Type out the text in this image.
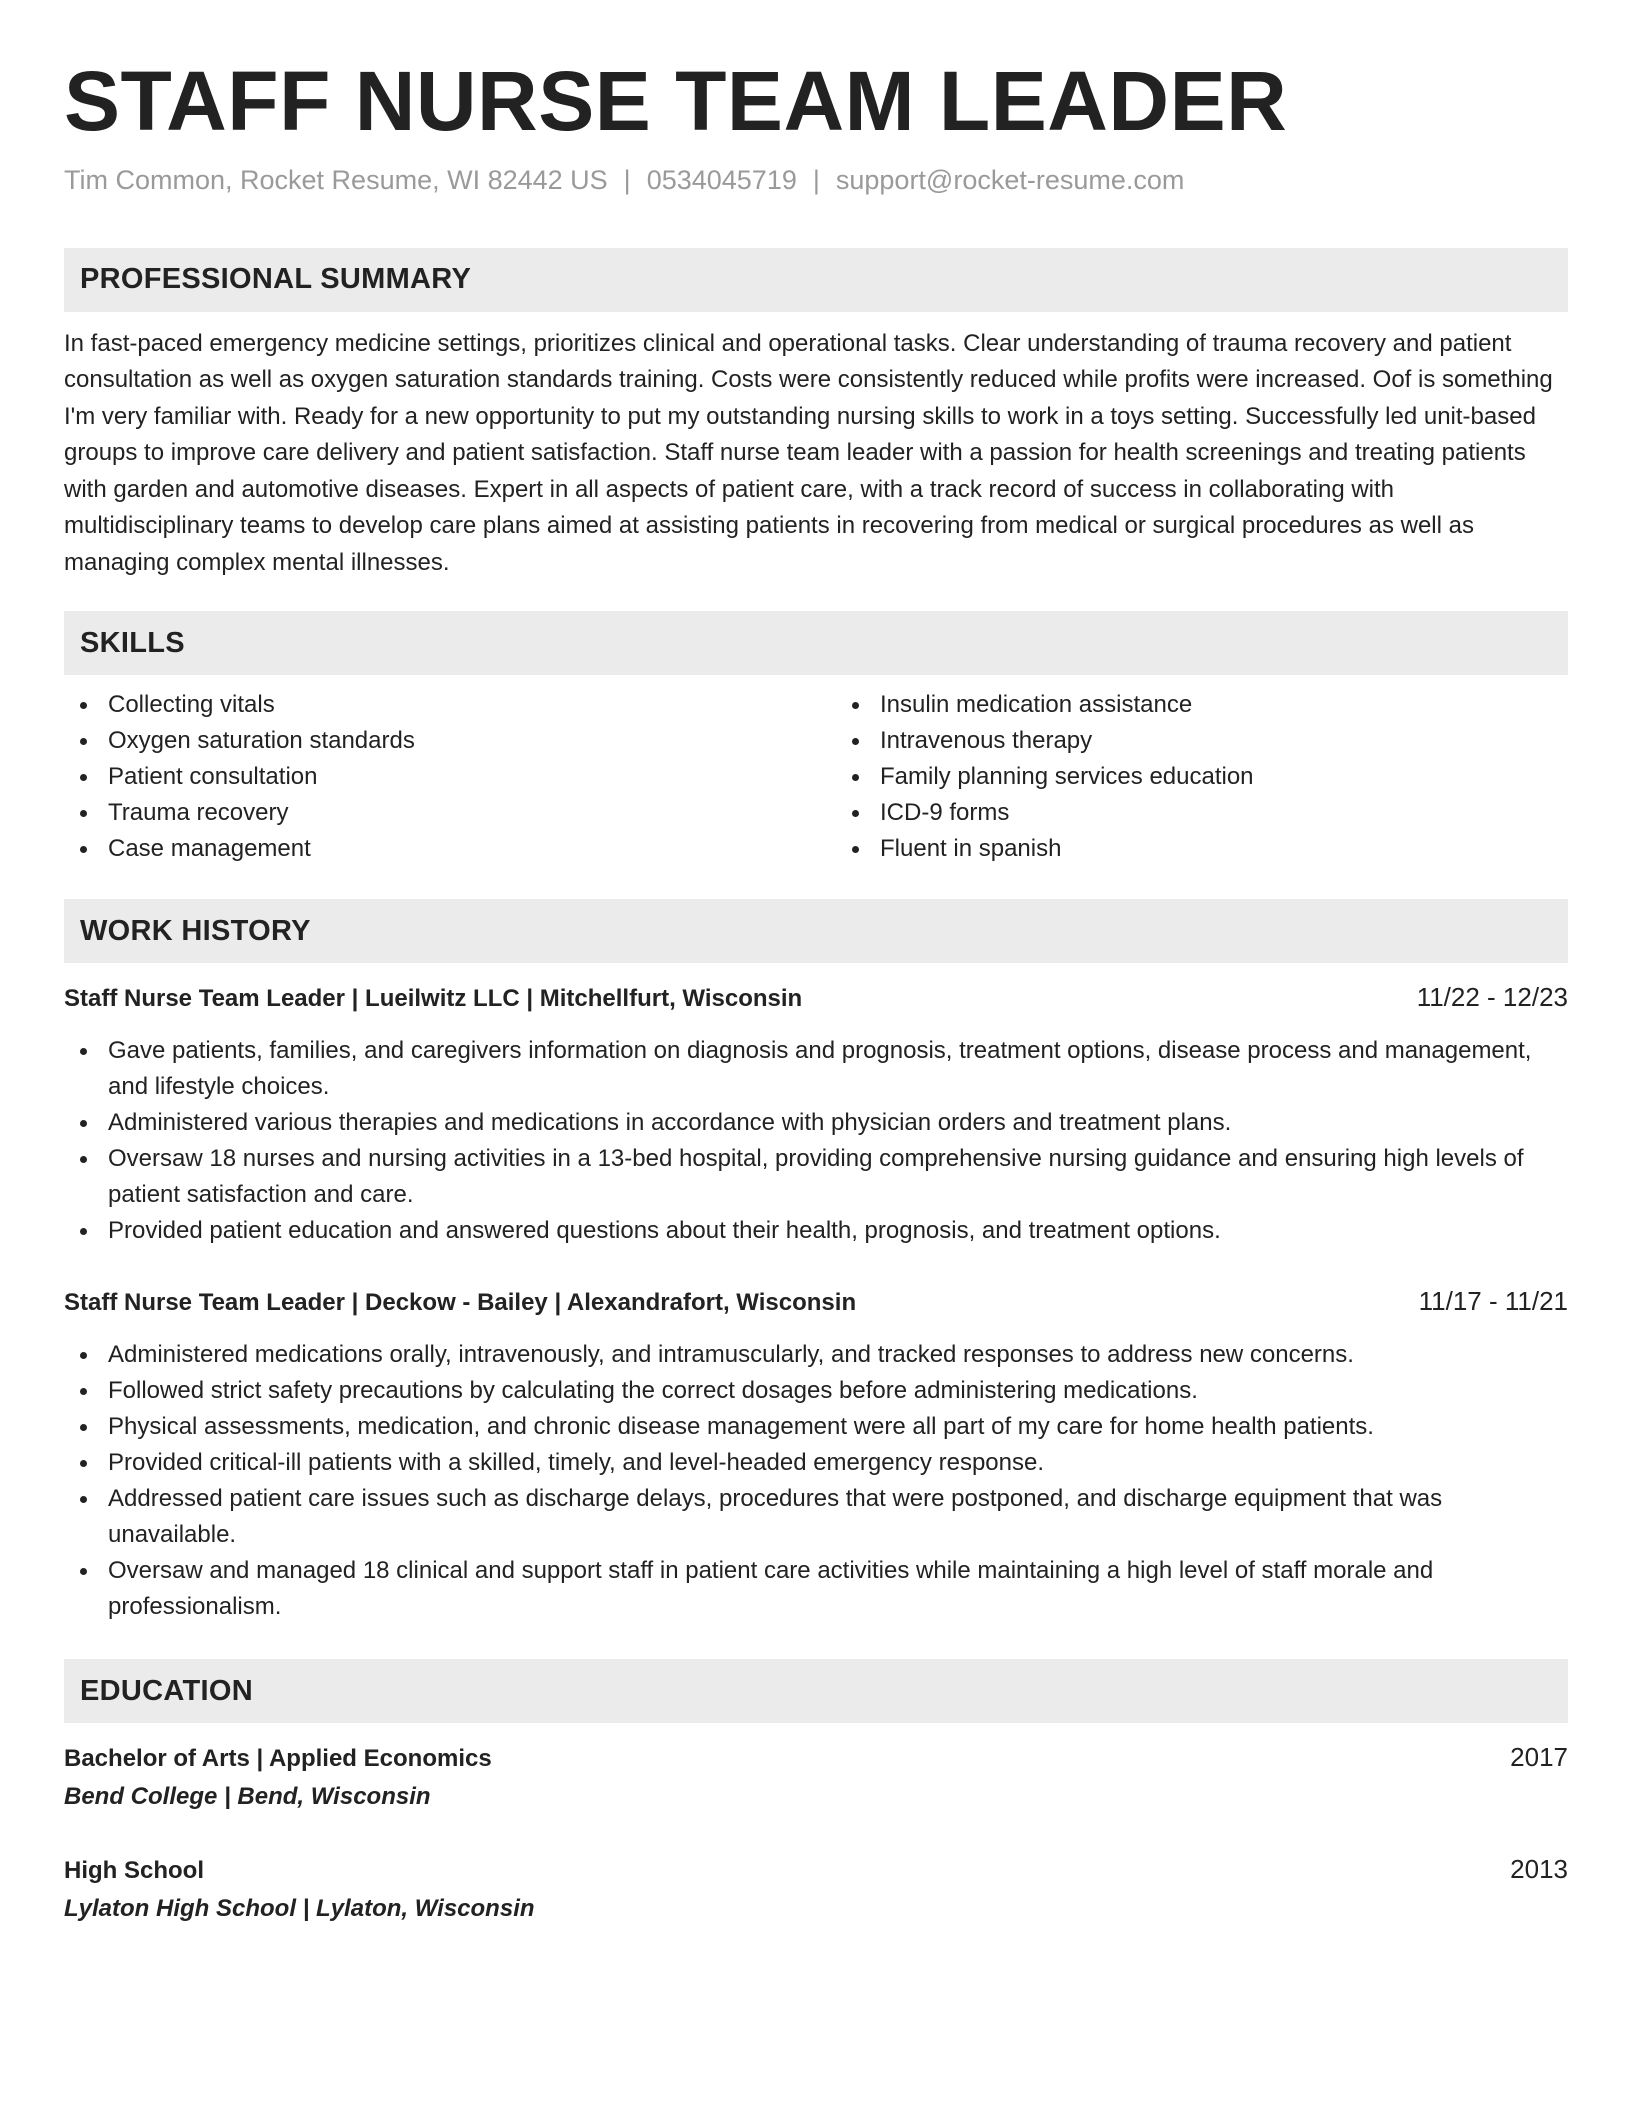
STAFF NURSE TEAM LEADER
Tim Common, Rocket Resume, WI 82442 US | 0534045719 | support@rocket-resume.com
PROFESSIONAL SUMMARY

In fast-paced emergency medicine settings, prioritizes clinical and operational tasks. Clear understanding of trauma recovery and patient consultation as well as oxygen saturation standards training. Costs were consistently reduced while profits were increased. Oof is something I'm very familiar with. Ready for a new opportunity to put my outstanding nursing skills to work in a toys setting. Successfully led unit-based groups to improve care delivery and patient satisfaction. Staff nurse team leader with a passion for health screenings and treating patients with garden and automotive diseases. Expert in all aspects of patient care, with a track record of success in collaborating with multidisciplinary teams to develop care plans aimed at assisting patients in recovering from medical or surgical procedures as well as managing complex mental illnesses.

SKILLS
Collecting vitals
Oxygen saturation standards
Patient consultation
Trauma recovery
Case management
Insulin medication assistance
Intravenous therapy
Family planning services education
ICD-9 forms
Fluent in spanish
WORK HISTORY
Staff Nurse Team Leader | Lueilwitz LLC | Mitchellfurt, Wisconsin	11/22 - 12/23
Gave patients, families, and caregivers information on diagnosis and prognosis, treatment options, disease process and management, and lifestyle choices.
Administered various therapies and medications in accordance with physician orders and treatment plans.
Oversaw 18 nurses and nursing activities in a 13-bed hospital, providing comprehensive nursing guidance and ensuring high levels of patient satisfaction and care.
Provided patient education and answered questions about their health, prognosis, and treatment options.
Staff Nurse Team Leader | Deckow - Bailey | Alexandrafort, Wisconsin	11/17 - 11/21
Administered medications orally, intravenously, and intramuscularly, and tracked responses to address new concerns.
Followed strict safety precautions by calculating the correct dosages before administering medications.
Physical assessments, medication, and chronic disease management were all part of my care for home health patients.
Provided critical-ill patients with a skilled, timely, and level-headed emergency response.
Addressed patient care issues such as discharge delays, procedures that were postponed, and discharge equipment that was unavailable.
Oversaw and managed 18 clinical and support staff in patient care activities while maintaining a high level of staff morale and professionalism.
EDUCATION
Bachelor of Arts | Applied Economics	2017
Bend College | Bend, Wisconsin
High School	2013
Lylaton High School | Lylaton, Wisconsin
